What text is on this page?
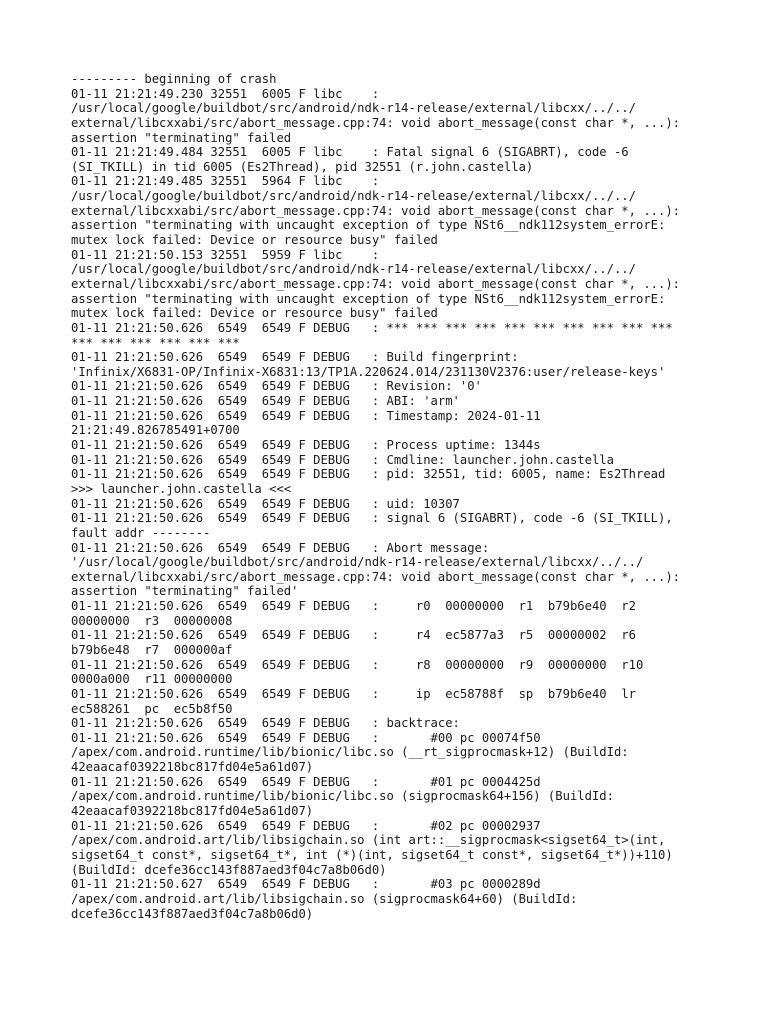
--------- beginning of crash
01-11 21:21:49.230 32551  6005 F libc    :
/usr/local/google/buildbot/src/android/ndk-r14-release/external/libcxx/../../
external/libcxxabi/src/abort_message.cpp:74: void abort_message(const char *, ...):
assertion "terminating" failed
01-11 21:21:49.484 32551  6005 F libc    : Fatal signal 6 (SIGABRT), code -6
(SI_TKILL) in tid 6005 (Es2Thread), pid 32551 (r.john.castella)
01-11 21:21:49.485 32551  5964 F libc    :
/usr/local/google/buildbot/src/android/ndk-r14-release/external/libcxx/../../
external/libcxxabi/src/abort_message.cpp:74: void abort_message(const char *, ...):
assertion "terminating with uncaught exception of type NSt6__ndk112system_errorE:
mutex lock failed: Device or resource busy" failed
01-11 21:21:50.153 32551  5959 F libc    :
/usr/local/google/buildbot/src/android/ndk-r14-release/external/libcxx/../../
external/libcxxabi/src/abort_message.cpp:74: void abort_message(const char *, ...):
assertion "terminating with uncaught exception of type NSt6__ndk112system_errorE:
mutex lock failed: Device or resource busy" failed
01-11 21:21:50.626  6549  6549 F DEBUG   : *** *** *** *** *** *** *** *** *** ***
*** *** *** *** *** ***
01-11 21:21:50.626  6549  6549 F DEBUG   : Build fingerprint:
'Infinix/X6831-OP/Infinix-X6831:13/TP1A.220624.014/231130V2376:user/release-keys'
01-11 21:21:50.626  6549  6549 F DEBUG   : Revision: '0'
01-11 21:21:50.626  6549  6549 F DEBUG   : ABI: 'arm'
01-11 21:21:50.626  6549  6549 F DEBUG   : Timestamp: 2024-01-11
21:21:49.826785491+0700
01-11 21:21:50.626  6549  6549 F DEBUG   : Process uptime: 1344s
01-11 21:21:50.626  6549  6549 F DEBUG   : Cmdline: launcher.john.castella
01-11 21:21:50.626  6549  6549 F DEBUG   : pid: 32551, tid: 6005, name: Es2Thread
>>> launcher.john.castella <<<
01-11 21:21:50.626  6549  6549 F DEBUG   : uid: 10307
01-11 21:21:50.626  6549  6549 F DEBUG   : signal 6 (SIGABRT), code -6 (SI_TKILL),
fault addr --------
01-11 21:21:50.626  6549  6549 F DEBUG   : Abort message:
'/usr/local/google/buildbot/src/android/ndk-r14-release/external/libcxx/../../
external/libcxxabi/src/abort_message.cpp:74: void abort_message(const char *, ...):
assertion "terminating" failed'
01-11 21:21:50.626  6549  6549 F DEBUG   :     r0  00000000  r1  b79b6e40  r2
00000000  r3  00000008
01-11 21:21:50.626  6549  6549 F DEBUG   :     r4  ec5877a3  r5  00000002  r6
b79b6e48  r7  000000af
01-11 21:21:50.626  6549  6549 F DEBUG   :     r8  00000000  r9  00000000  r10
0000a000  r11 00000000
01-11 21:21:50.626  6549  6549 F DEBUG   :     ip  ec58788f  sp  b79b6e40  lr
ec588261  pc  ec5b8f50
01-11 21:21:50.626  6549  6549 F DEBUG   : backtrace:
01-11 21:21:50.626  6549  6549 F DEBUG   :       #00 pc 00074f50
/apex/com.android.runtime/lib/bionic/libc.so (__rt_sigprocmask+12) (BuildId:
42eaacaf0392218bc817fd04e5a61d07)
01-11 21:21:50.626  6549  6549 F DEBUG   :       #01 pc 0004425d
/apex/com.android.runtime/lib/bionic/libc.so (sigprocmask64+156) (BuildId:
42eaacaf0392218bc817fd04e5a61d07)
01-11 21:21:50.626  6549  6549 F DEBUG   :       #02 pc 00002937
/apex/com.android.art/lib/libsigchain.so (int art::__sigprocmask<sigset64_t>(int,
sigset64_t const*, sigset64_t*, int (*)(int, sigset64_t const*, sigset64_t*))+110)
(BuildId: dcefe36cc143f887aed3f04c7a8b06d0)
01-11 21:21:50.627  6549  6549 F DEBUG   :       #03 pc 0000289d
/apex/com.android.art/lib/libsigchain.so (sigprocmask64+60) (BuildId:
dcefe36cc143f887aed3f04c7a8b06d0)
